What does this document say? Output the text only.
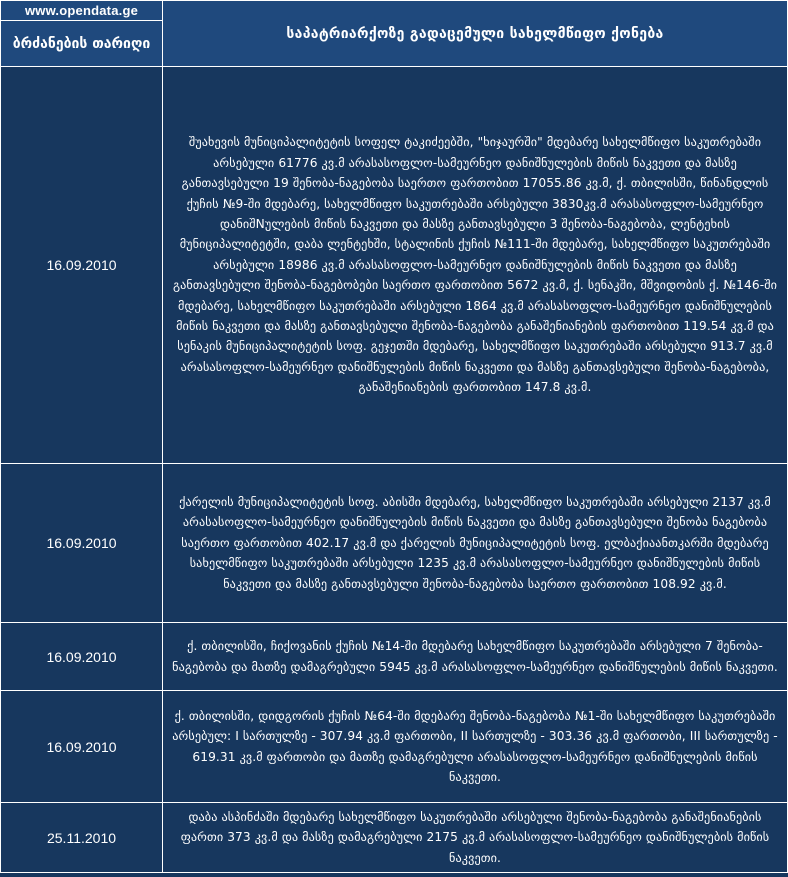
www.opendata.ge	საპატრიარქოზე გადაცემული სახელმწიფო ქონება
ბრძანების თარიღი	
16.09.2010	შუახევის მუნიციპალიტეტის სოფელ ტაკიძეებში, "ხიჯაურში" მდებარე სახელმწიფო საკუთრებაში არსებული 61776 კვ.მ არასასოფლო-სამეურნეო დანიშნულების მიწის ნაკვეთი და მასზე განთავსებული 19 შენობა-ნაგებობა საერთო ფართობით 17055.86 კვ.მ, ქ. თბილისში, წინანდლის ქუჩის №9-ში მდებარე, სახელმწიფო საკუთრებაში არსებული 3830კვ.მ არასასოფლო-სამეურნეო დანიშNულების მიწის ნაკვეთი და მასზე განთავსებული 3 შენობა-ნაგებობა, ლენტეხის მუნიციპალიტეტში, დაბა ლენტეხში, სტალინის ქუჩის №111-ში მდებარე, სახელმწიფო საკუთრებაში არსებული 18986 კვ.მ არასასოფლო-სამეურნეო დანიშნულების მიწის ნაკვეთი და მასზე განთავსებული შენობა-ნაგებობები საერთო ფართობით 5672 კვ.მ, ქ. სენაკში, მშვიდობის ქ. №146-ში მდებარე, სახელმწიფო საკუთრებაში არსებული 1864 კვ.მ არასასოფლო-სამეურნეო დანიშნულების მიწის ნაკვეთი და მასზე განთავსებული შენობა-ნაგებობა განაშენიანების ფართობით 119.54 კვ.მ და სენაკის მუნიციპალიტეტის სოფ. გეჯეთში მდებარე, სახელმწიფო საკუთრებაში არსებული 913.7 კვ.მ არასასოფლო-სამეურნეო დანიშნულების მიწის ნაკვეთი და მასზე განთავსებული შენობა-ნაგებობა, განაშენიანების ფართობით 147.8 კვ.მ.
16.09.2010	ქარელის მუნიციპალიტეტის სოფ. აბისში მდებარე, სახელმწიფო საკუთრებაში არსებული 2137 კვ.მ არასასოფლო-სამეურნეო დანიშნულების მიწის ნაკვეთი და მასზე განთავსებული შენობა ნაგებობა საერთო ფართობით 402.17 კვ.მ და ქარელის მუნიციპალიტეტის სოფ. ელბაქიაანთკარში მდებარე სახელმწიფო საკუთრებაში არსებული 1235 კვ.მ არასასოფლო-სამეურნეო დანიშნულების მიწის ნაკვეთი და მასზე განთავსებული შენობა-ნაგებობა საერთო ფართობით 108.92 კვ.მ.
16.09.2010	ქ. თბილისში, ჩიქოვანის ქუჩის №14-ში მდებარე სახელმწიფო საკუთრებაში არსებული 7 შენობა-ნაგებობა და მათზე დამაგრებული 5945 კვ.მ არასასოფლო-სამეურნეო დანიშნულების მიწის ნაკვეთი.
16.09.2010	ქ. თბილისში, დიდგორის ქუჩის №64-ში მდებარე შენობა-ნაგებობა №1-ში სახელმწიფო საკუთრებაში არსებულ: I სართულზე - 307.94 კვ.მ ფართობი, II სართულზე - 303.36 კვ.მ ფართობი, III სართულზე - 619.31 კვ.მ ფართობი და მათზე დამაგრებული არასასოფლო-სამეურნეო დანიშნულების მიწის ნაკვეთი.
25.11.2010	დაბა ასპინძაში მდებარე სახელმწიფო საკუთრებაში არსებული შენობა-ნაგებობა განაშენიანების ფართი 373 კვ.მ და მასზე დამაგრებული 2175 კვ.მ არასასოფლო-სამეურნეო დანიშნულების მიწის ნაკვეთი.
